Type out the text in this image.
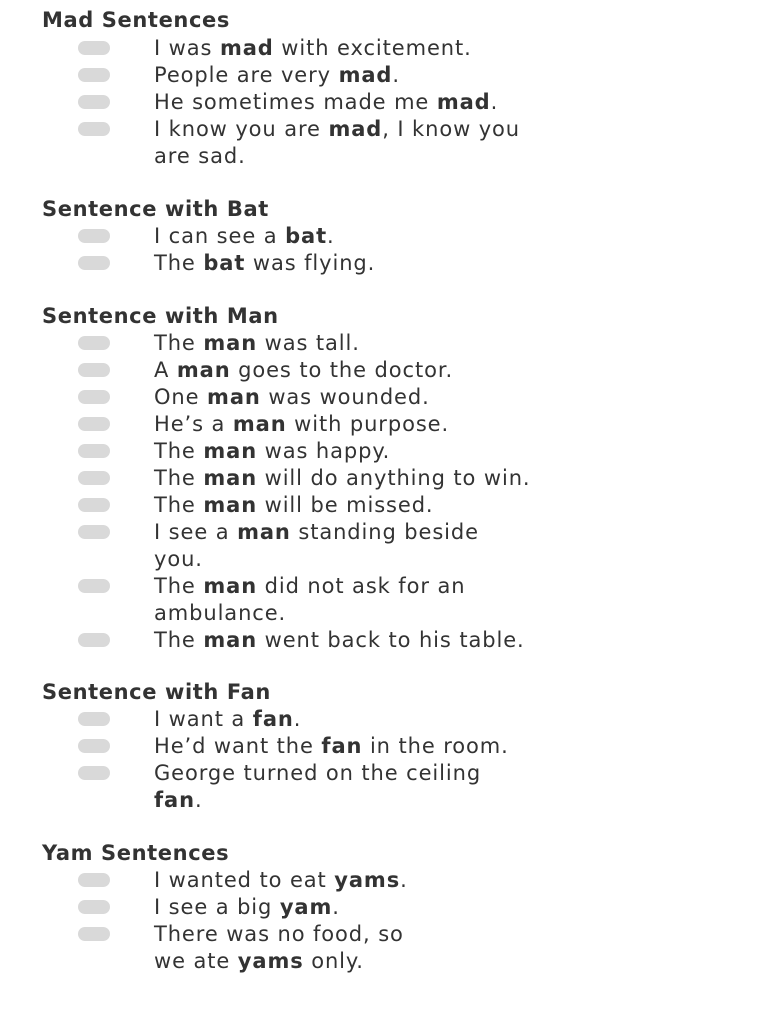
Mad Sentences
I was mad with excitement.
People are very mad.
He sometimes made me mad.
I know you are mad, I know you
are sad.
Sentence with Bat
I can see a bat.
The bat was flying.
Sentence with Man
The man was tall.
A man goes to the doctor.
One man was wounded.
He’s a man with purpose.
The man was happy.
The man will do anything to win.
The man will be missed.
I see a man standing beside
you.
The man did not ask for an
ambulance.
The man went back to his table.
Sentence with Fan
I want a fan.
He’d want the fan in the room.
George turned on the ceiling
fan.
Yam Sentences
I wanted to eat yams.
I see a big yam.
There was no food, so
we ate yams only.
